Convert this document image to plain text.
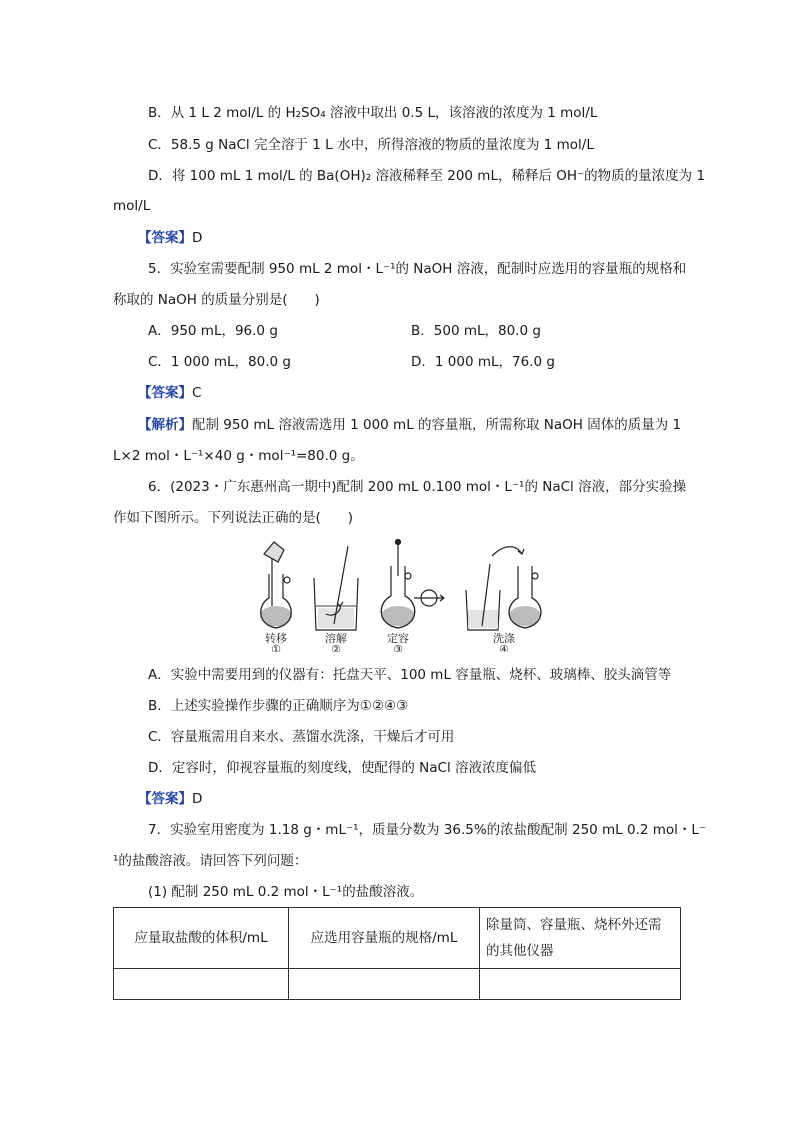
B．从 1 L 2 mol/L 的 H₂SO₄ 溶液中取出 0.5 L，该溶液的浓度为 1 mol/L
C．58.5 g NaCl 完全溶于 1 L 水中，所得溶液的物质的量浓度为 1 mol/L
D．将 100 mL 1 mol/L 的 Ba(OH)₂ 溶液稀释至 200 mL，稀释后 OH⁻的物质的量浓度为 1
mol/L
【答案】D
5．实验室需要配制 950 mL 2 mol・L⁻¹的 NaOH 溶液，配制时应选用的容量瓶的规格和
称取的 NaOH 的质量分别是(　　)
A．950 mL，96.0 g	B．500 mL，80.0 g
C．1 000 mL，80.0 g	D．1 000 mL，76.0 g
【答案】C
【解析】配制 950 mL 溶液需选用 1 000 mL 的容量瓶，所需称取 NaOH 固体的质量为 1
L×2 mol・L⁻¹×40 g・mol⁻¹=80.0 g。
6．(2023・广东惠州高一期中)配制 200 mL 0.100 mol・L⁻¹的 NaCl 溶液，部分实验操
作如下图所示。下列说法正确的是(　　)
转移	溶解	定容	洗涤
①	②	③	④
A．实验中需要用到的仪器有：托盘天平、100 mL 容量瓶、烧杯、玻璃棒、胶头滴管等
B．上述实验操作步骤的正确顺序为①②④③
C．容量瓶需用自来水、蒸馏水洗涤，干燥后才可用
D．定容时，仰视容量瓶的刻度线，使配得的 NaCl 溶液浓度偏低
【答案】D
7．实验室用密度为 1.18 g・mL⁻¹，质量分数为 36.5%的浓盐酸配制 250 mL 0.2 mol・L⁻
¹的盐酸溶液。请回答下列问题：
(1) 配制 250 mL 0.2 mol・L⁻¹的盐酸溶液。
应量取盐酸的体积/mL	应选用容量瓶的规格/mL	除量筒、容量瓶、烧杯外还需的其他仪器
